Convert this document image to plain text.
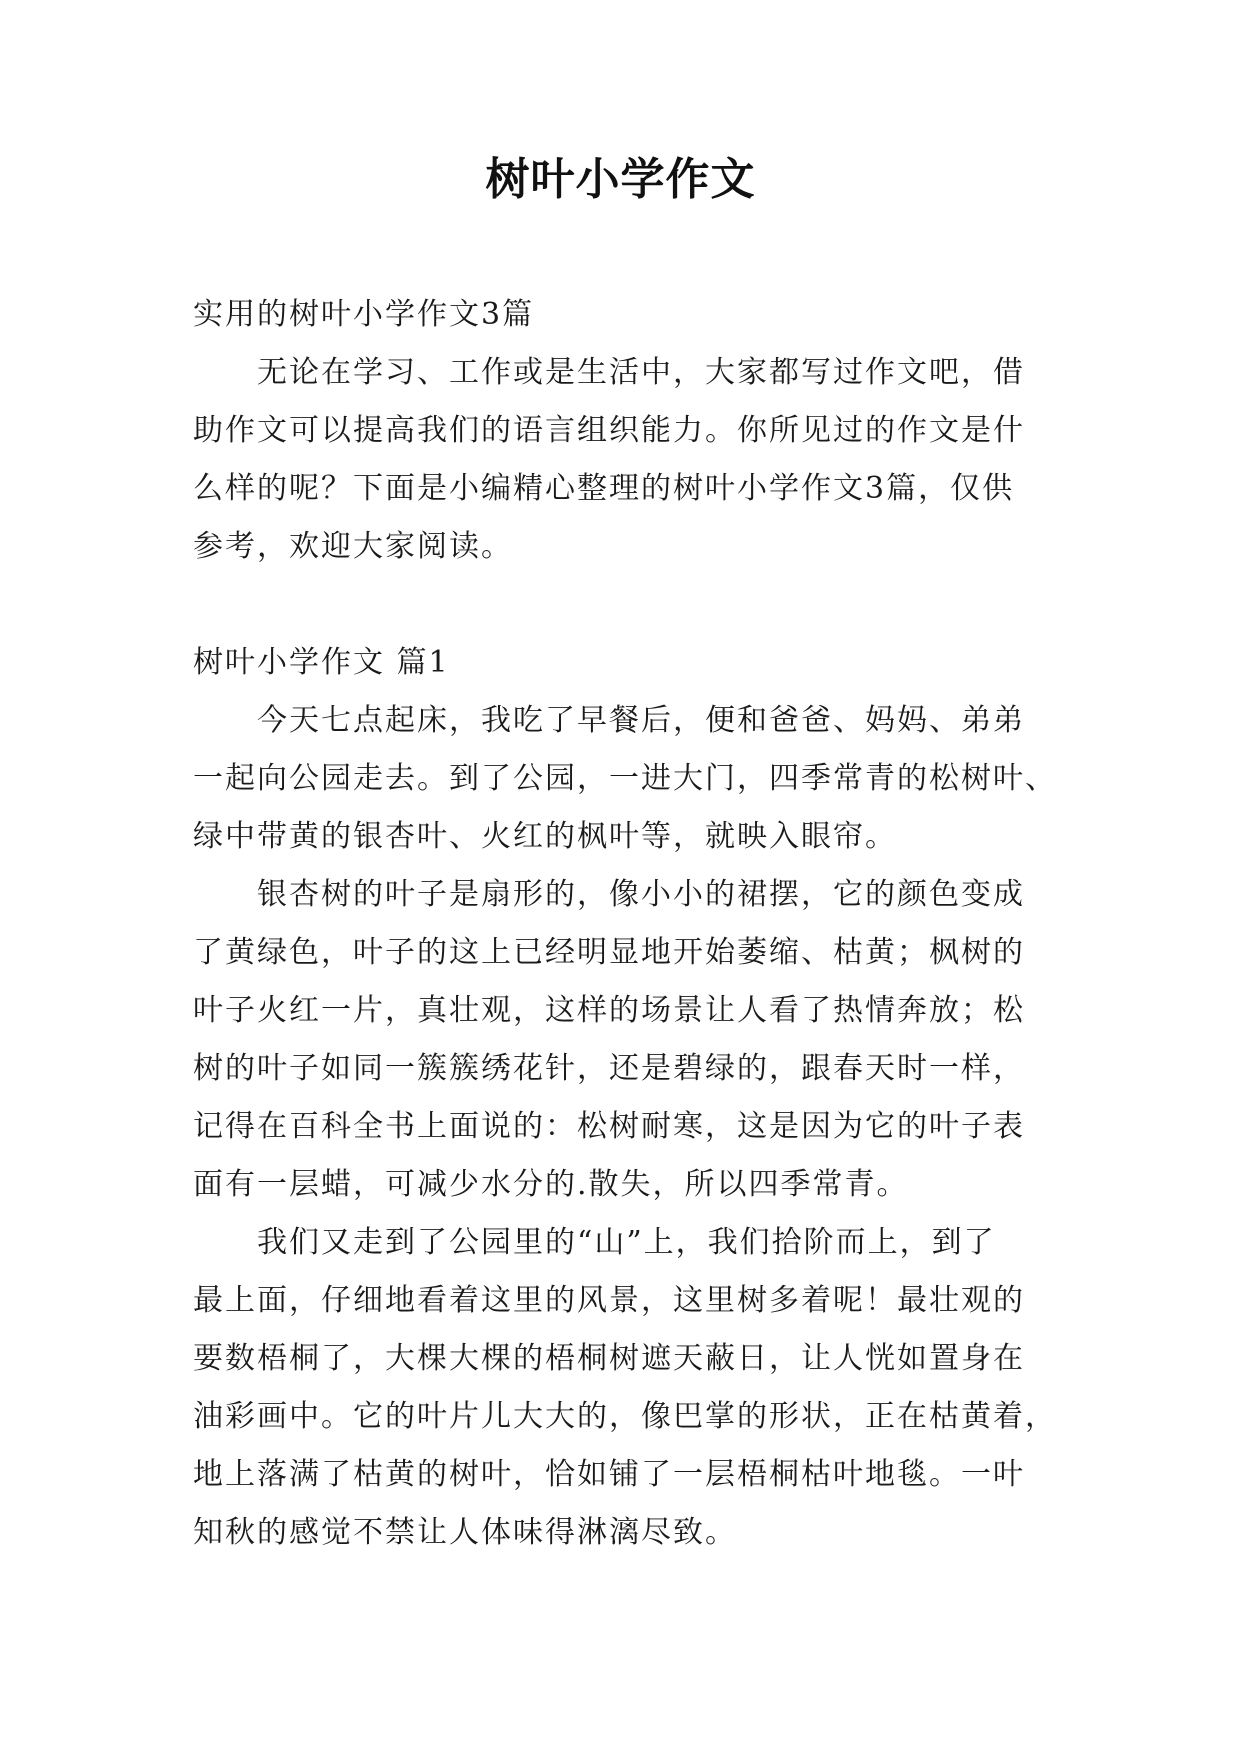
树叶小学作文
实用的树叶小学作文3篇
无论在学习、工作或是生活中，大家都写过作文吧，借
助作文可以提高我们的语言组织能力。你所见过的作文是什
么样的呢？下面是小编精心整理的树叶小学作文3篇，仅供
参考，欢迎大家阅读。
树叶小学作文 篇1
今天七点起床，我吃了早餐后，便和爸爸、妈妈、弟弟
一起向公园走去。到了公园，一进大门，四季常青的松树叶、
绿中带黄的银杏叶、火红的枫叶等，就映入眼帘。
银杏树的叶子是扇形的，像小小的裙摆，它的颜色变成
了黄绿色，叶子的这上已经明显地开始萎缩、枯黄；枫树的
叶子火红一片，真壮观，这样的场景让人看了热情奔放；松
树的叶子如同一簇簇绣花针，还是碧绿的，跟春天时一样，
记得在百科全书上面说的：松树耐寒，这是因为它的叶子表
面有一层蜡，可减少水分的.散失，所以四季常青。
我们又走到了公园里的“山”上，我们拾阶而上，到了
最上面，仔细地看着这里的风景，这里树多着呢！最壮观的
要数梧桐了，大棵大棵的梧桐树遮天蔽日，让人恍如置身在
油彩画中。它的叶片儿大大的，像巴掌的形状，正在枯黄着，
地上落满了枯黄的树叶，恰如铺了一层梧桐枯叶地毯。一叶
知秋的感觉不禁让人体味得淋漓尽致。
